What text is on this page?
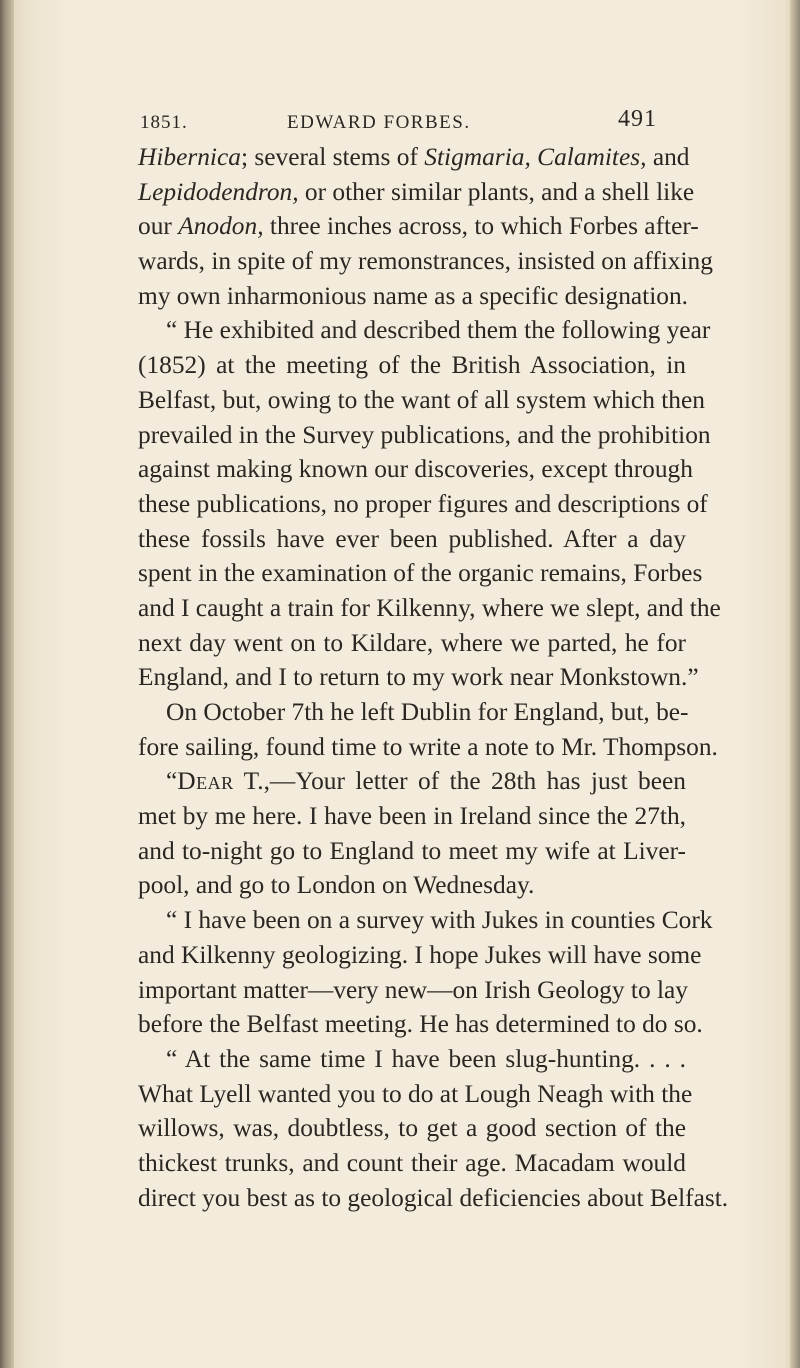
1851.	EDWARD FORBES.	491
Hibernica; several stems of Stigmaria, Calamites, and
Lepidodendron, or other similar plants, and a shell like
our Anodon, three inches across, to which Forbes after-
wards, in spite of my remonstrances, insisted on affixing
my own inharmonious name as a specific designation.
“ He exhibited and described them the following year
(1852) at the meeting of the British Association, in
Belfast, but, owing to the want of all system which then
prevailed in the Survey publications, and the prohibition
against making known our discoveries, except through
these publications, no proper figures and descriptions of
these fossils have ever been published. After a day
spent in the examination of the organic remains, Forbes
and I caught a train for Kilkenny, where we slept, and the
next day went on to Kildare, where we parted, he for
England, and I to return to my work near Monkstown.”
On October 7th he left Dublin for England, but, be-
fore sailing, found time to write a note to Mr. Thompson.
“Dear T.,—Your letter of the 28th has just been
met by me here. I have been in Ireland since the 27th,
and to-night go to England to meet my wife at Liver-
pool, and go to London on Wednesday.
“ I have been on a survey with Jukes in counties Cork
and Kilkenny geologizing. I hope Jukes will have some
important matter—very new—on Irish Geology to lay
before the Belfast meeting. He has determined to do so.
“ At the same time I have been slug-hunting. . . .
What Lyell wanted you to do at Lough Neagh with the
willows, was, doubtless, to get a good section of the
thickest trunks, and count their age. Macadam would
direct you best as to geological deficiencies about Belfast.
